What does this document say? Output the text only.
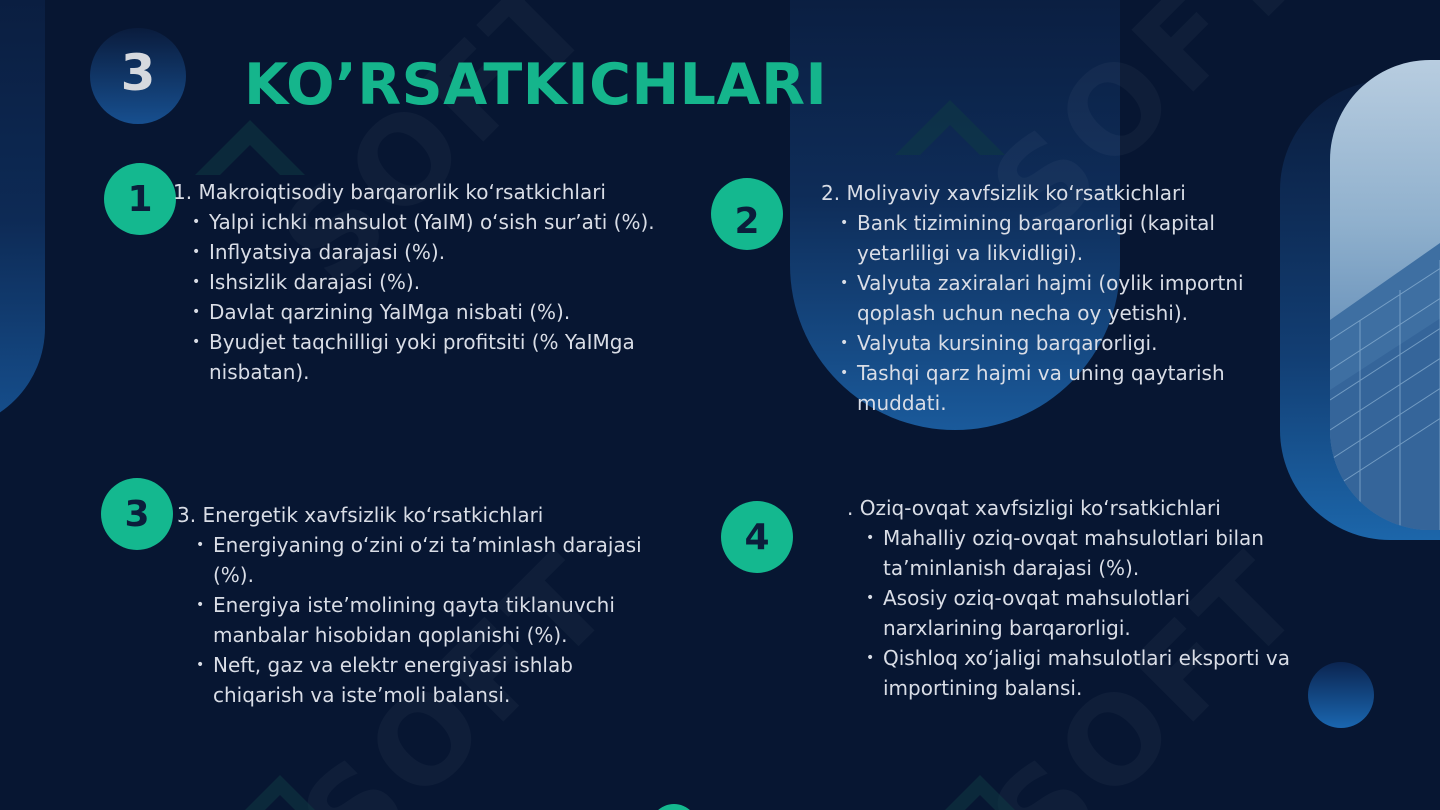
3	KO’RSATKICHLARI
1
2
3
4
1. Makroiqtisodiy barqarorlik ko‘rsatkichlari
• Yalpi ichki mahsulot (YaIM) o‘sish sur’ati (%).
• Inflyatsiya darajasi (%).
• Ishsizlik darajasi (%).
• Davlat qarzining YaIMga nisbati (%).
• Byudjet taqchilligi yoki profitsiti (% YaIMga nisbatan).
2. Moliyaviy xavfsizlik ko‘rsatkichlari
• Bank tizimining barqarorligi (kapital yetarliligi va likvidligi).
• Valyuta zaxiralari hajmi (oylik importni qoplash uchun necha oy yetishi).
• Valyuta kursining barqarorligi.
• Tashqi qarz hajmi va uning qaytarish muddati.
3. Energetik xavfsizlik ko‘rsatkichlari
• Energiyaning o‘zini o‘zi ta’minlash darajasi (%).
• Energiya iste’molining qayta tiklanuvchi manbalar hisobidan qoplanishi (%).
• Neft, gaz va elektr energiyasi ishlab chiqarish va iste’moli balansi.
. Oziq-ovqat xavfsizligi ko‘rsatkichlari
• Mahalliy oziq-ovqat mahsulotlari bilan ta’minlanish darajasi (%).
• Asosiy oziq-ovqat mahsulotlari narxlarining barqarorligi.
• Qishloq xo‘jaligi mahsulotlari eksporti va importining balansi.
